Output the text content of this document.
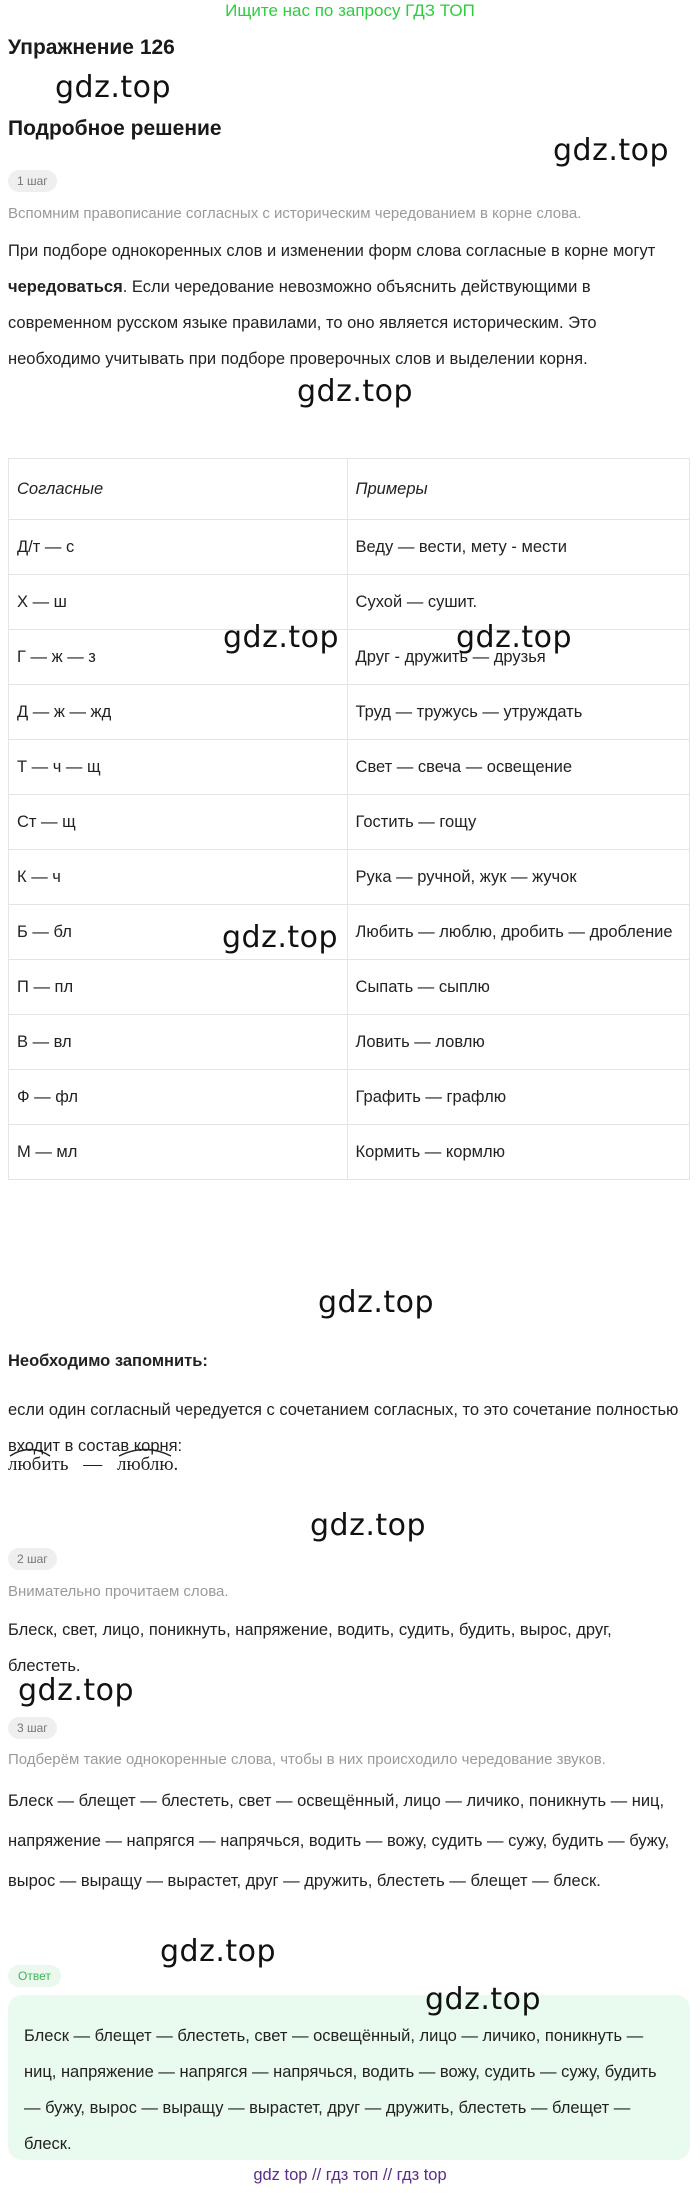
Ищите нас по запросу ГДЗ ТОП
Упражнение 126
gdz.top
Подробное решение
gdz.top
1 шаг
Вспомним правописание согласных с историческим чередованием в корне слова.
При подборе однокоренных слов и изменении форм слова согласные в корне могут чередоваться. Если чередование невозможно объяснить действующими в современном русском языке правилами, то оно является историческим. Это необходимо учитывать при подборе проверочных слов и выделении корня.
gdz.top
Согласные	Примеры
Д/т — с	Веду — вести, мету - мести
Х — ш	Сухой — сушит.
Г — ж — з	Друг - дружить — друзья
Д — ж — жд	Труд — тружусь — утруждать
Т — ч — щ	Свет — свеча — освещение
Ст — щ	Гостить — гощу
К — ч	Рука — ручной, жук — жучок
Б — бл	Любить — люблю, дробить — дробление
П — пл	Сыпать — сыплю
В — вл	Ловить — ловлю
Ф — фл	Графить — графлю
М — мл	Кормить — кормлю
gdz.top	gdz.top
gdz.top
gdz.top
Необходимо запомнить:
если один согласный чередуется с сочетанием согласных, то это сочетание полностью входит в состав корня:
любить — люблю.
gdz.top
2 шаг
Внимательно прочитаем слова.
Блеск, свет, лицо, поникнуть, напряжение, водить, судить, будить, вырос, друг, блестеть.
gdz.top
3 шаг
Подберём такие однокоренные слова, чтобы в них происходило чередование звуков.
Блеск — блещет — блестеть, свет — освещённый, лицо — личико, поникнуть — ниц, напряжение — напрягся — напрячься, водить — вожу, судить — сужу, будить — бужу, вырос — выращу — вырастет, друг — дружить, блестеть — блещет — блеск.
gdz.top
Ответ
gdz.top
Блеск — блещет — блестеть, свет — освещённый, лицо — личико, поникнуть — ниц, напряжение — напрягся — напрячься, водить — вожу, судить — сужу, будить — бужу, вырос — выращу — вырастет, друг — дружить, блестеть — блещет — блеск.
gdz top // гдз топ // гдз top
